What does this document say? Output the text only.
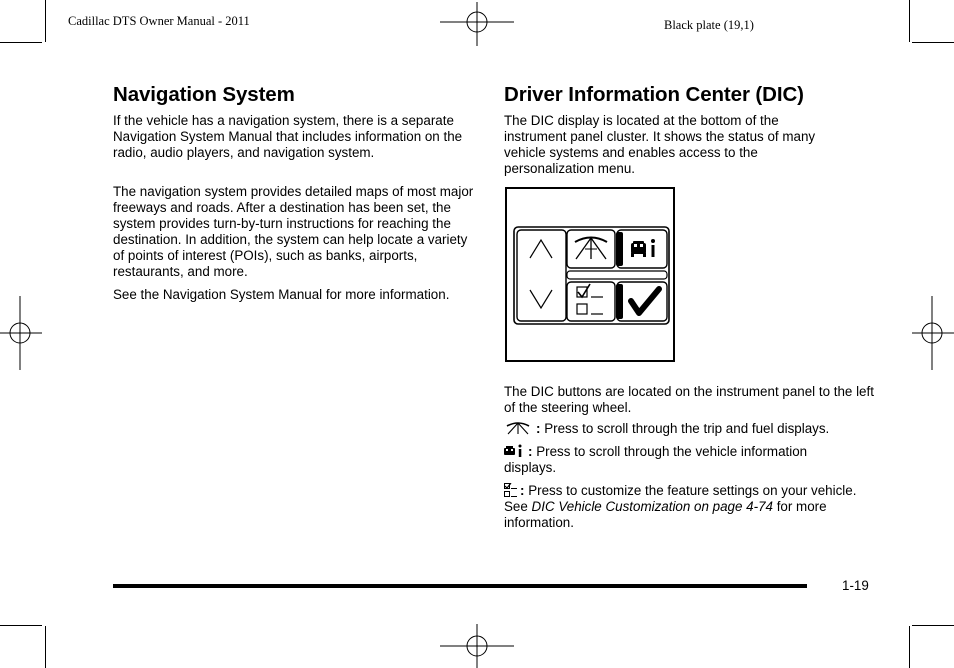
Cadillac DTS Owner Manual - 2011	Black plate (19,1)
Navigation System

If the vehicle has a navigation system, there is a separate Navigation System Manual that includes information on the radio, audio players, and navigation system.

The navigation system provides detailed maps of most major freeways and roads. After a destination has been set, the system provides turn-by-turn instructions for reaching the destination. In addition, the system can help locate a variety of points of interest (POIs), such as banks, airports, restaurants, and more.

See the Navigation System Manual for more information.

Driver Information Center (DIC)

The DIC display is located at the bottom of the instrument panel cluster. It shows the status of many vehicle systems and enables access to the personalization menu.

The DIC buttons are located on the instrument panel to the left of the steering wheel.

: Press to scroll through the trip and fuel displays.

: Press to scroll through the vehicle information displays.

: Press to customize the feature settings on your vehicle. See DIC Vehicle Customization on page 4-74 for more information.

1-19
